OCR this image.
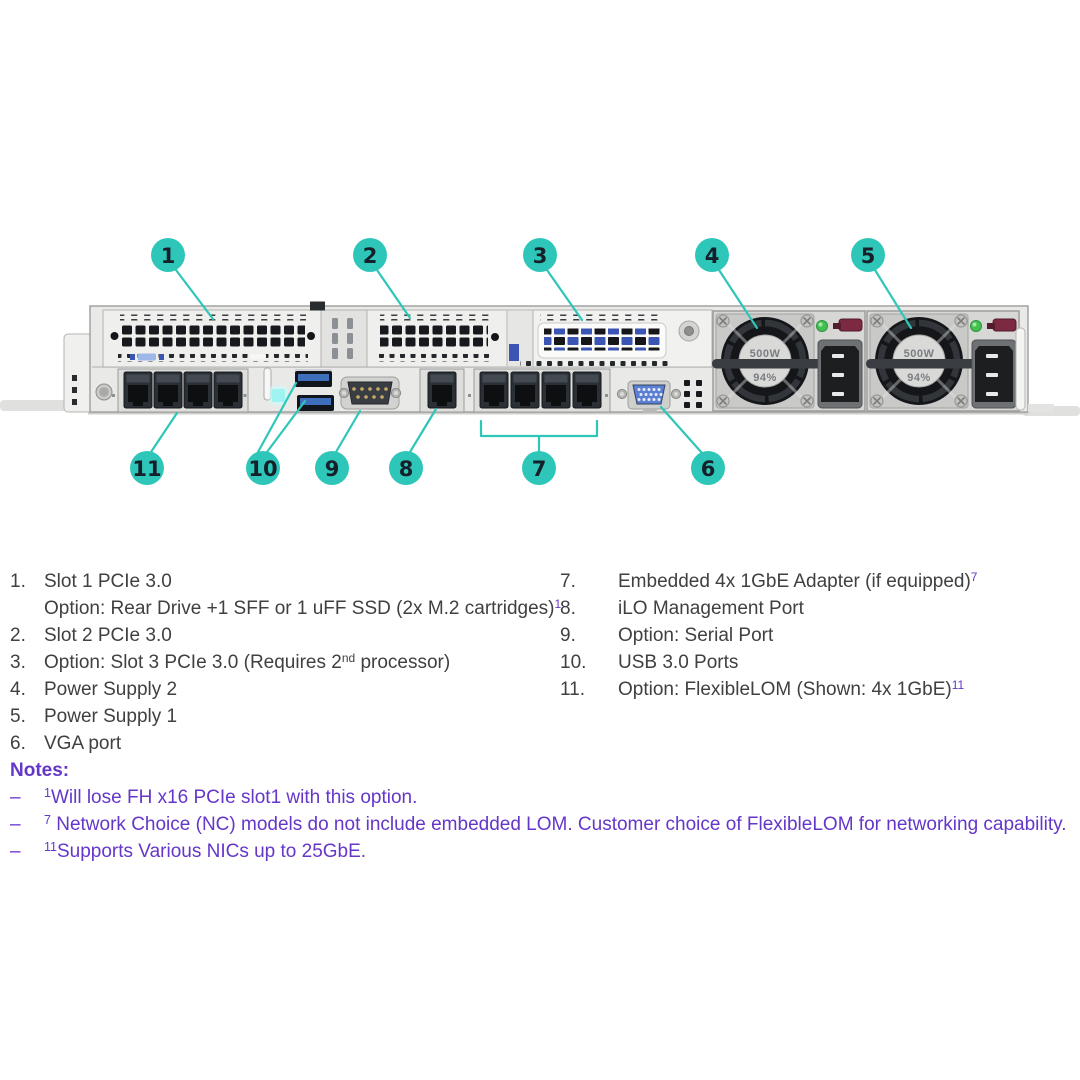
500W
94%
500W
94%
1	2	3	4	5
6
7
8
9
10
11
1. Slot 1 PCIe 3.0
Option: Rear Drive +1 SFF or 1 uFF SSD (2x M.2 cartridges)$^1$
2. Slot 2 PCIe 3.0
3. Option: Slot 3 PCIe 3.0 (Requires 2nd processor)
4. Power Supply 2
5. Power Supply 1
6. VGA port
7.	Embedded 4x 1GbE Adapter (if equipped)$^7$
8.	iLO Management Port
9.	Option: Serial Port
10.	USB 3.0 Ports
11.	Option: FlexibleLOM (Shown: 4x 1GbE)$^{11}$
Notes:
–	$^1$Will lose FH x16 PCIe slot1 with this option.
–	$^7$ Network Choice (NC) models do not include embedded LOM. Customer choice of FlexibleLOM for networking capability.
–	$^{11}$Supports Various NICs up to 25GbE.
